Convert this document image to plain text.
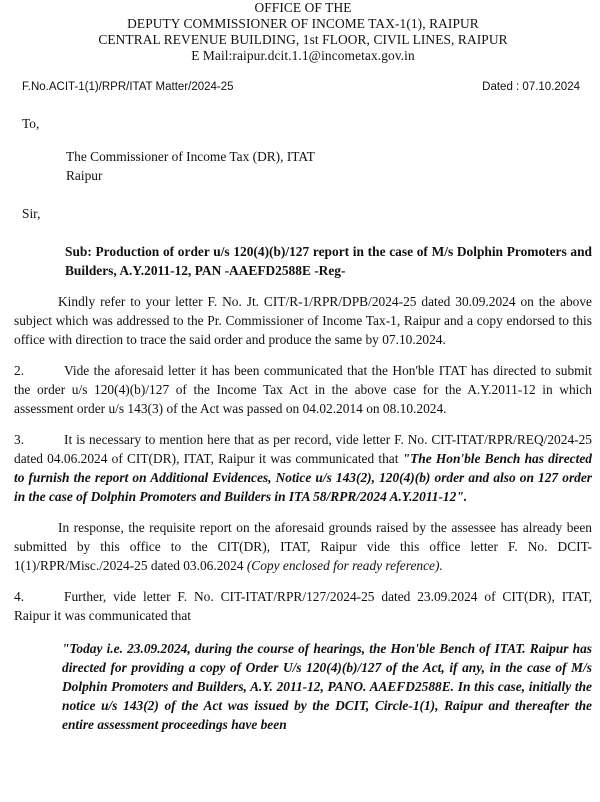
OFFICE OF THE
DEPUTY COMMISSIONER OF INCOME TAX-1(1), RAIPUR
CENTRAL REVENUE BUILDING, 1st FLOOR, CIVIL LINES, RAIPUR
E Mail:raipur.dcit.1.1@incometax.gov.in
F.No.ACIT-1(1)/RPR/ITAT Matter/2024-25	Dated : 07.10.2024
To,
The Commissioner of Income Tax (DR), ITAT
Raipur
Sir,
Sub: Production of order u/s 120(4)(b)/127 report in the case of M/s Dolphin Promoters and Builders, A.Y.2011-12, PAN -AAEFD2588E -Reg-
Kindly refer to your letter F. No. Jt. CIT/R-1/RPR/DPB/2024-25 dated 30.09.2024 on the above subject which was addressed to the Pr. Commissioner of Income Tax-1, Raipur and a copy endorsed to this office with direction to trace the said order and produce the same by 07.10.2024.
2.	Vide the aforesaid letter it has been communicated that the Hon'ble ITAT has directed to submit the order u/s 120(4)(b)/127 of the Income Tax Act in the above case for the A.Y.2011-12 in which assessment order u/s 143(3) of the Act was passed on 04.02.2014 on 08.10.2024.
3.	It is necessary to mention here that as per record, vide letter F. No. CIT-ITAT/RPR/REQ/2024-25 dated 04.06.2024 of CIT(DR), ITAT, Raipur it was communicated that "The Hon'ble Bench has directed to furnish the report on Additional Evidences, Notice u/s 143(2), 120(4)(b) order and also on 127 order in the case of Dolphin Promoters and Builders in ITA 58/RPR/2024 A.Y.2011-12".
In response, the requisite report on the aforesaid grounds raised by the assessee has already been submitted by this office to the CIT(DR), ITAT, Raipur vide this office letter F. No. DCIT-1(1)/RPR/Misc./2024-25 dated 03.06.2024 (Copy enclosed for ready reference).
4.	Further, vide letter F. No. CIT-ITAT/RPR/127/2024-25 dated 23.09.2024 of CIT(DR), ITAT, Raipur it was communicated that
"Today i.e. 23.09.2024, during the course of hearings, the Hon'ble Bench of ITAT. Raipur has directed for providing a copy of Order U/s 120(4)(b)/127 of the Act, if any, in the case of M/s Dolphin Promoters and Builders, A.Y. 2011-12, PANO. AAEFD2588E. In this case, initially the notice u/s 143(2) of the Act was issued by the DCIT, Circle-1(1), Raipur and thereafter the entire assessment proceedings have been
